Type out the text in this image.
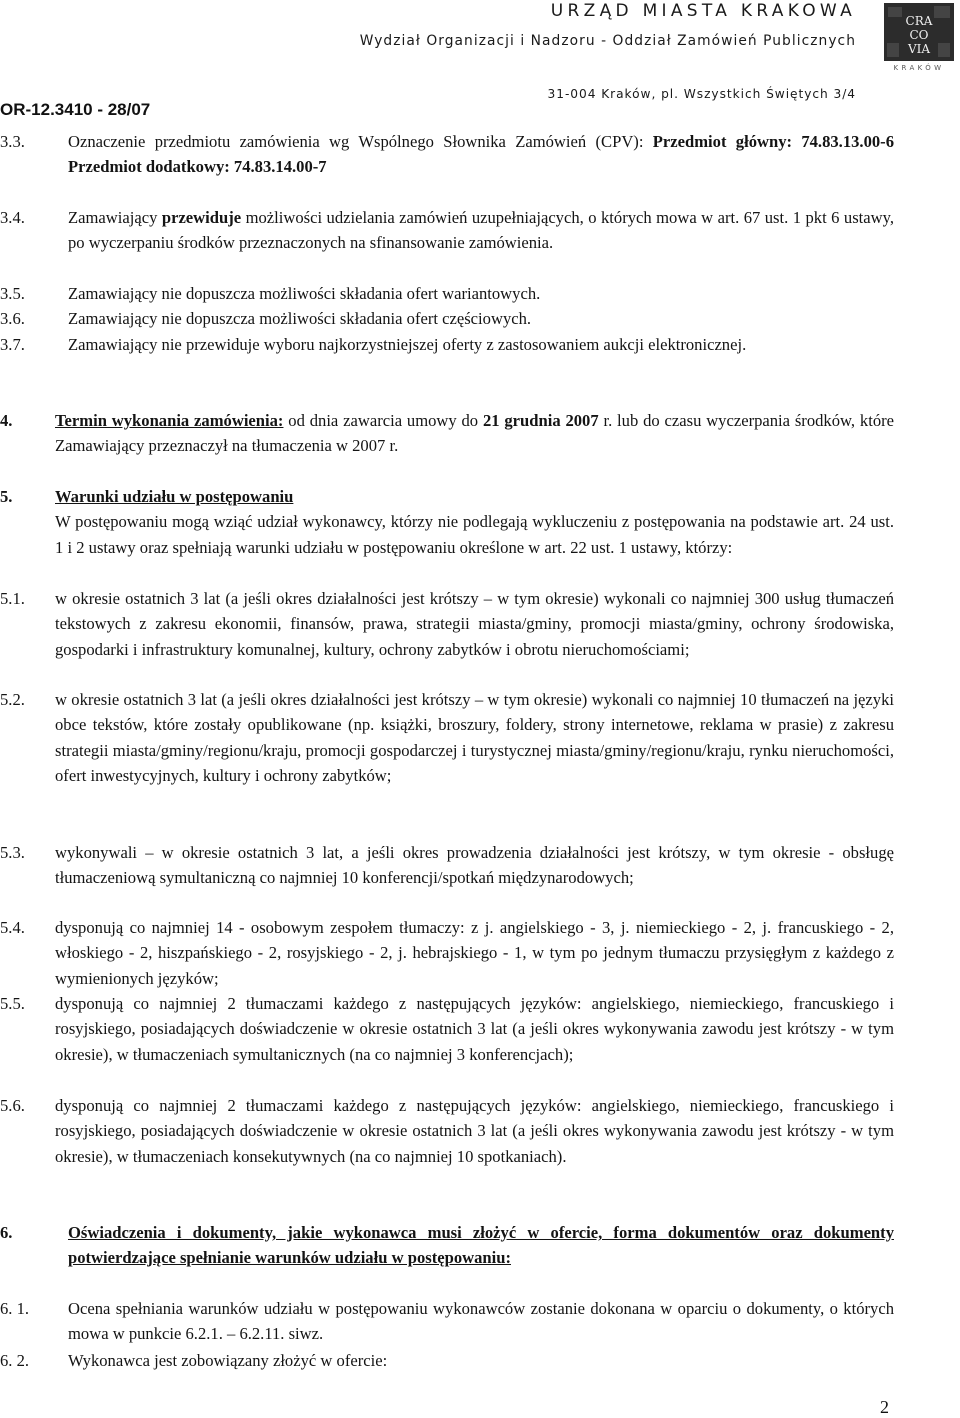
URZĄD MIASTA KRAKOWA
Wydział Organizacji i Nadzoru - Oddział Zamówień Publicznych
31-004 Kraków, pl. Wszystkich Świętych 3/4
CRA
CO
VIA
KRAKÓW
OR-12.3410 - 28/07
3.3.	Oznaczenie przedmiotu zamówienia wg Wspólnego Słownika Zamówień (CPV): Przedmiot główny: 74.83.13.00-6
Przedmiot dodatkowy: 74.83.14.00-7
3.4.	Zamawiający przewiduje możliwości udzielania zamówień uzupełniających, o których mowa w art. 67 ust. 1 pkt 6 ustawy, po wyczerpaniu środków przeznaczonych na sfinansowanie zamówienia.
3.5.	Zamawiający nie dopuszcza możliwości składania ofert wariantowych.
3.6.	Zamawiający nie dopuszcza możliwości składania ofert częściowych.
3.7.	Zamawiający nie przewiduje wyboru najkorzystniejszej oferty z zastosowaniem aukcji elektronicznej.
4.	Termin wykonania zamówienia: od dnia zawarcia umowy do 21 grudnia 2007 r. lub do czasu wyczerpania środków, które Zamawiający przeznaczył na tłumaczenia w 2007 r.
5.	Warunki udziału w postępowaniu
W postępowaniu mogą wziąć udział wykonawcy, którzy nie podlegają wykluczeniu z postępowania na podstawie art. 24 ust. 1 i 2 ustawy oraz spełniają warunki udziału w postępowaniu określone w art. 22 ust. 1 ustawy, którzy:
5.1. w okresie ostatnich 3 lat (a jeśli okres działalności jest krótszy – w tym okresie) wykonali co najmniej 300 usług tłumaczeń tekstowych z zakresu ekonomii, finansów, prawa, strategii miasta/gminy, promocji miasta/gminy, ochrony środowiska, gospodarki i infrastruktury komunalnej, kultury, ochrony zabytków i obrotu nieruchomościami;
5.2. w okresie ostatnich 3 lat (a jeśli okres działalności jest krótszy – w tym okresie) wykonali co najmniej 10 tłumaczeń na języki obce tekstów, które zostały opublikowane (np. książki, broszury, foldery, strony internetowe, reklama w prasie) z zakresu strategii miasta/gminy/regionu/kraju, promocji gospodarczej i turystycznej miasta/gminy/regionu/kraju, rynku nieruchomości, ofert inwestycyjnych, kultury i ochrony zabytków;
5.3. wykonywali – w okresie ostatnich 3 lat, a jeśli okres prowadzenia działalności jest krótszy, w tym okresie - obsługę tłumaczeniową symultaniczną co najmniej 10 konferencji/spotkań międzynarodowych;
5.4. dysponują co najmniej 14 - osobowym zespołem tłumaczy: z j. angielskiego - 3, j. niemieckiego - 2, j. francuskiego - 2, włoskiego - 2, hiszpańskiego - 2, rosyjskiego - 2, j. hebrajskiego - 1, w tym po jednym tłumaczu przysięgłym z każdego z wymienionych języków;
5.5. dysponują co najmniej 2 tłumaczami każdego z następujących języków: angielskiego, niemieckiego, francuskiego i rosyjskiego, posiadających doświadczenie w okresie ostatnich 3 lat (a jeśli okres wykonywania zawodu jest krótszy - w tym okresie), w tłumaczeniach symultanicznych (na co najmniej 3 konferencjach);
5.6. dysponują co najmniej 2 tłumaczami każdego z następujących języków: angielskiego, niemieckiego, francuskiego i rosyjskiego, posiadających doświadczenie w okresie ostatnich 3 lat (a jeśli okres wykonywania zawodu jest krótszy - w tym okresie), w tłumaczeniach konsekutywnych (na co najmniej 10 spotkaniach).
6.	Oświadczenia i dokumenty, jakie wykonawca musi złożyć w ofercie, forma dokumentów oraz dokumenty potwierdzające spełnianie warunków udziału w postępowaniu:
6. 1. Ocena spełniania warunków udziału w postępowaniu wykonawców zostanie dokonana w oparciu o dokumenty, o których mowa w punkcie 6.2.1. – 6.2.11. siwz.
6. 2. Wykonawca jest zobowiązany złożyć w ofercie:
2
